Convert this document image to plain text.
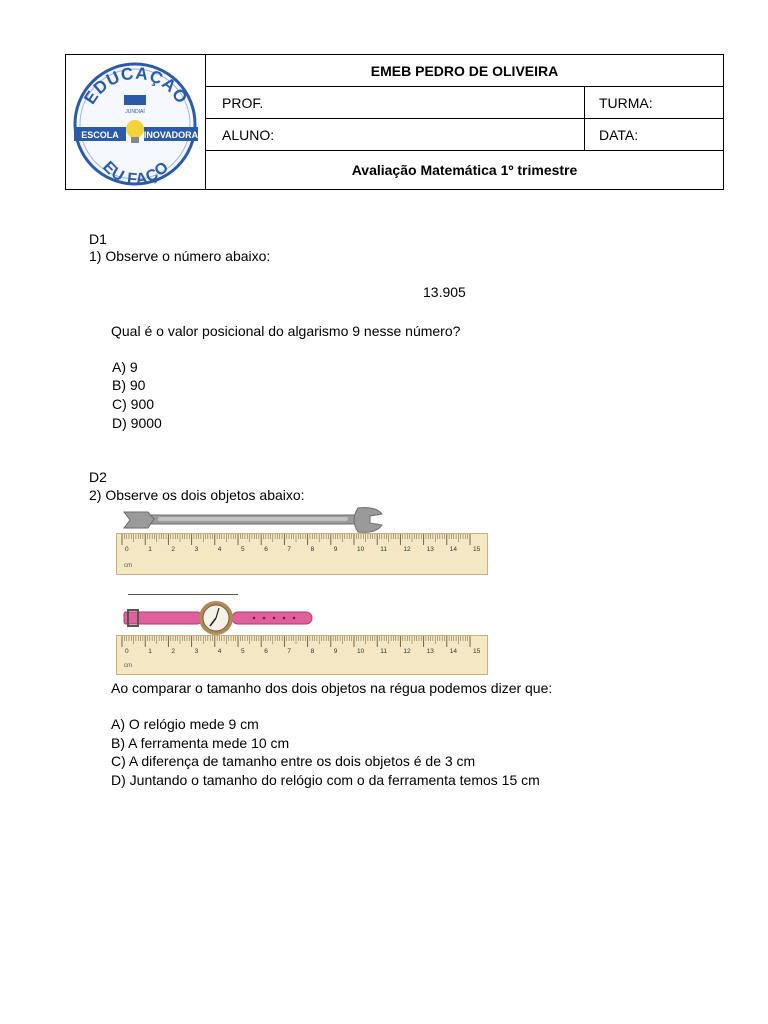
EDUCAÇÃO
JUNDIAÍ
ESCOLA	INOVADORA
EU FAÇO
EMEB PEDRO DE OLIVEIRA
PROF.	TURMA:
ALUNO:	DATA:
Avaliação Matemática 1º trimestre
D1
1) Observe o número abaixo:
13.905
Qual é o valor posicional do algarismo 9 nesse número?
A) 9
B) 90
C) 900
D) 9000
D2
2) Observe os dois objetos abaixo:
0	1	2	3	4	5	6	7	8	9	10 11	12 13 14 15
cm
0	1	2	3	4	5	6	7	8	9	10 11	12 13 14 15
cm
Ao comparar o tamanho dos dois objetos na régua podemos dizer que:
A) O relógio mede 9 cm
B) A ferramenta mede 10 cm
C) A diferença de tamanho entre os dois objetos é de 3 cm
D) Juntando o tamanho do relógio com o da ferramenta temos 15 cm
